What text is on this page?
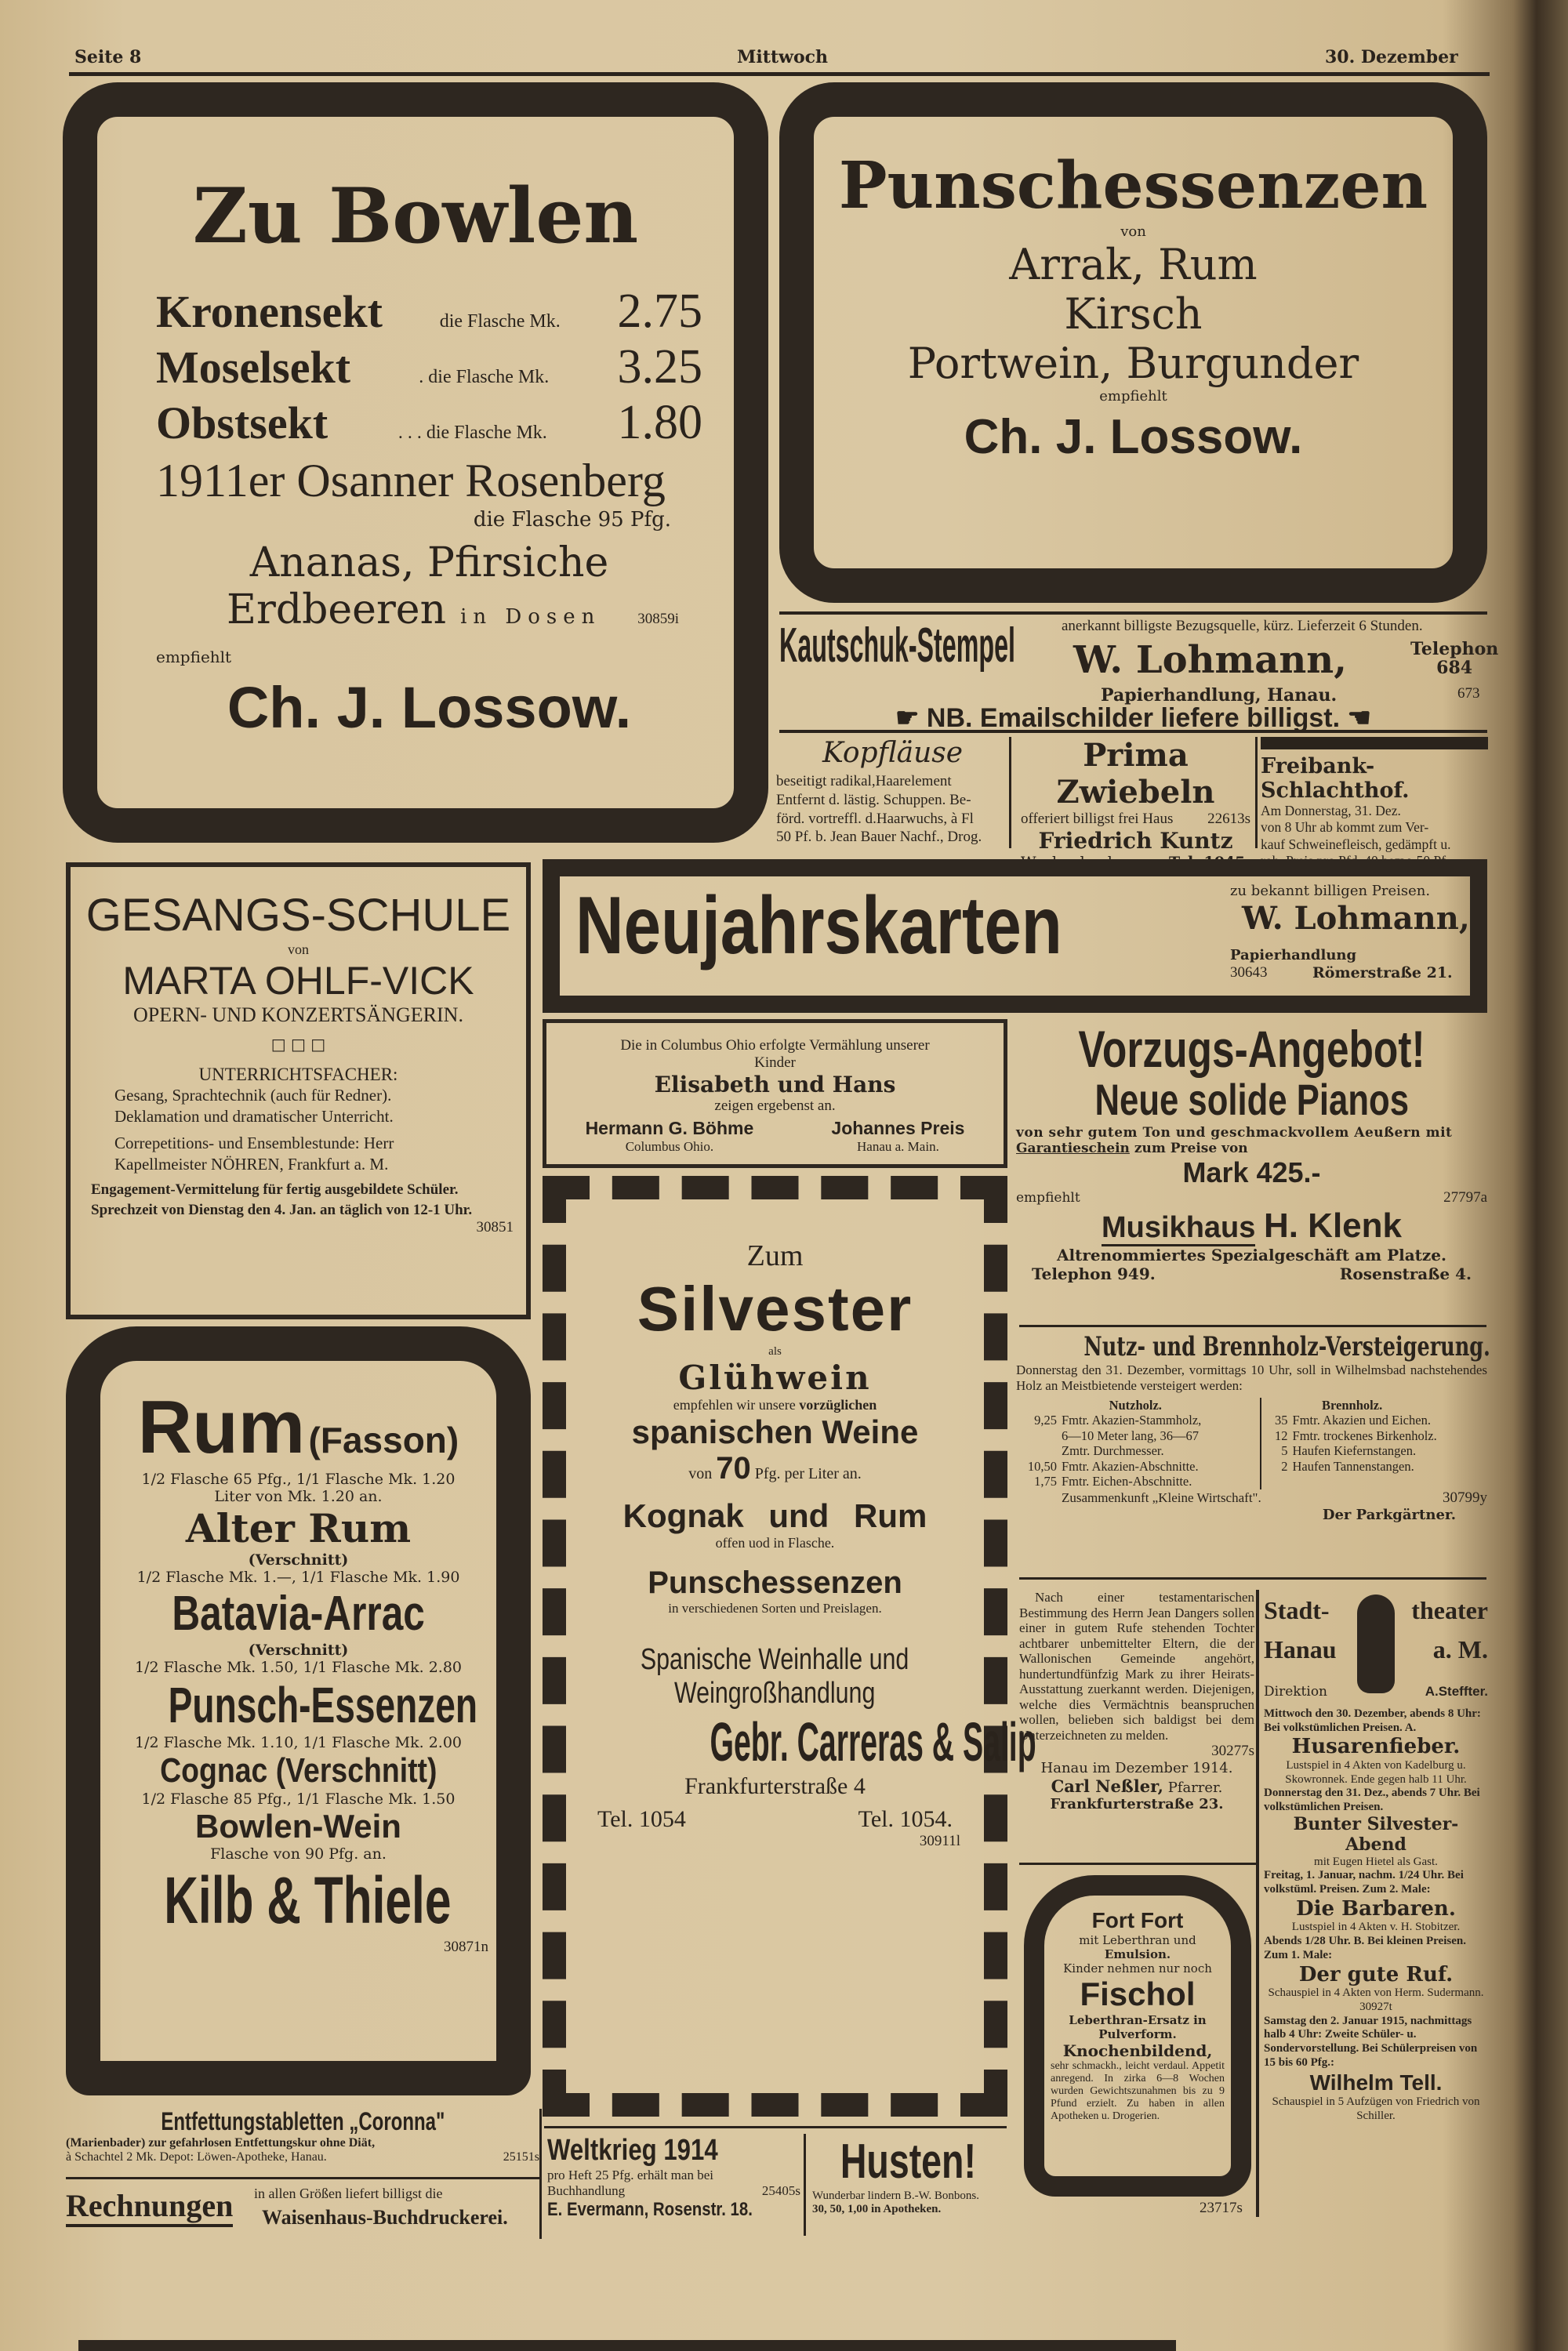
Seite 8	Mittwoch	30. Dezember
Zu Bowlen
Kronensekt	die Flasche Mk. 2.75
Moselsekt	. die Flasche Mk. 3.25
Obstsekt	. . . die Flasche Mk. 1.80
1911er Osanner Rosenberg
die Flasche 95 Pfg.
Ananas, Pfirsiche
Erdbeeren in Dosen 30859i
empfiehlt
Ch. J. Lossow.
Punschessenzen
von
Arrak, Rum
Kirsch
Portwein, Burgunder
empfiehlt
Ch. J. Lossow.
Kautschuk-Stempel	anerkannt billigste Bezugsquelle, kürz. Lieferzeit 6 Stunden.
W. Lohmann,	Telephon
684
Papierhandlung, Hanau.	673
☛ NB. Emailschilder liefere billigst. ☚
Kopfläuse
beseitigt radikal,Haarelement
Entfernt d. lästig. Schuppen. Be-
förd. vortreffl. d.Haarwuchs, à Fl
50 Pf. b. Jean Bauer Nachf., Drog.
Prima Zwiebeln
offeriert billigst frei Haus 22613s
Friedrich Kuntz
Wachenbuchen Tel. 1045.
Freibank-Schlachthof.
Am Donnerstag, 31. Dez.
von 8 Uhr ab kommt zum Ver-
kauf Schweinefleisch, gedämpft u.
roh. Preis pro Pfd. 40 bezw. 50 Pf.
GESANGS-SCHULE
von
MARTA OHLF-VICK
OPERN- UND KONZERTSÄNGERIN.
□ □ □
UNTERRICHTSFACHER:
Gesang, Sprachtechnik (auch für Redner).
Deklamation und dramatischer Unterricht.
Correpetitions- und Ensemblestunde: Herr
Kapellmeister NÖHREN, Frankfurt a. M.
Engagement-Vermittelung für fertig ausgebildete Schüler.
Sprechzeit von Dienstag den 4. Jan. an täglich von 12-1 Uhr.
30851
Neujahrskarten	zu bekannt billigen Preisen.
W. Lohmann,
Papierhandlung
30643	Römerstraße 21.
Die in Columbus Ohio erfolgte Vermählung unserer
Kinder
Elisabeth und Hans
zeigen ergebenst an.
Hermann G. Böhme
Columbus Ohio.
Johannes Preis
Hanau a. Main.
Zum
Silvester
als
Glühwein
empfehlen wir unsere vorzüglichen
spanischen Weine
von 70 Pfg. per Liter an.
Kognak und Rum
offen uod in Flasche.
Punschessenzen
in verschiedenen Sorten und Preislagen.
Spanische Weinhalle und
Weingroßhandlung
Gebr. Carreras & Salip
Frankfurterstraße 4
Tel. 1054	Tel. 1054.
30911l
Vorzugs-Angebot!
Neue solide Pianos
von sehr gutem Ton und geschmackvollem Aeußern mit
Garantieschein zum Preise von
Mark 425.-
empfiehlt	27797a
Musikhaus H. Klenk
Altrenommiertes Spezialgeschäft am Platze.
Telephon 949.	Rosenstraße 4.
Nutz- und Brennholz-Versteigerung.
Donnerstag den 31. Dezember, vormittags 10 Uhr, soll in Wilhelmsbad nachstehendes Holz an Meistbietende versteigert werden:
Nutzholz.
9,25 Fmtr. Akazien-Stammholz,
6—10 Meter lang, 36—67
Zmtr. Durchmesser.
10,50 Fmtr. Akazien-Abschnitte.
1,75 Fmtr. Eichen-Abschnitte.
Brennholz.
35 Fmtr. Akazien und Eichen.
12 Fmtr. trockenes Birkenholz.
5 Haufen Kiefernstangen.
2 Haufen Tannenstangen.
Zusammenkunft „Kleine Wirtschaft".	30799y
Der Parkgärtner.
Nach einer testamentarischen Bestimmung des Herrn Jean Dangers sollen einer in gutem Rufe stehenden Tochter achtbarer unbemittelter Eltern, die der Wallonischen Gemeinde angehört, hundertundfünfzig Mark zu ihrer Heirats-Ausstattung zuerkannt werden. Diejenigen, welche dies Vermächtnis beanspruchen wollen, belieben sich baldigst bei dem Unterzeichneten zu melden.
30277s
Hanau im Dezember 1914.
Carl Neßler, Pfarrer.
Frankfurterstraße 23.
Fort Fort
mit Leberthran und
Emulsion.
Kinder nehmen nur noch
Fischol
Leberthran-Ersatz in
Pulverform.
Knochenbildend,
sehr schmackh., leicht verdaul. Appetit anregend. In zirka 6—8 Wochen wurden Gewichtszunahmen bis zu 9 Pfund erzielt. Zu haben in allen Apotheken u. Drogerien.
23717s
Stadt-	theater
Hanau	a. M.
Direktion	A.Steffter.
Mittwoch den 30. Dezember, abends 8 Uhr: Bei volkstümlichen Preisen. A.
Husarenfieber.
Lustspiel in 4 Akten von Kadelburg u. Skowronnek. Ende gegen halb 11 Uhr.
Donnerstag den 31. Dez., abends 7 Uhr. Bei volkstümlichen Preisen.
Bunter Silvester-Abend
mit Eugen Hietel als Gast.
Freitag, 1. Januar, nachm. 1/24 Uhr. Bei volkstüml. Preisen. Zum 2. Male:
Die Barbaren.
Lustspiel in 4 Akten v. H. Stobitzer.
Abends 1/28 Uhr. B. Bei kleinen Preisen. Zum 1. Male:
Der gute Ruf.
Schauspiel in 4 Akten von Herm. Sudermann. 30927t
Samstag den 2. Januar 1915, nachmittags halb 4 Uhr: Zweite Schüler- u. Sondervorstellung. Bei Schülerpreisen von 15 bis 60 Pfg.:
Wilhelm Tell.
Schauspiel in 5 Aufzügen von Friedrich von Schiller.
Rum (Fasson)
1/2 Flasche 65 Pfg., 1/1 Flasche Mk. 1.20
Liter von Mk. 1.20 an.
Alter Rum
(Verschnitt)
1/2 Flasche Mk. 1.—, 1/1 Flasche Mk. 1.90
Batavia-Arrac
(Verschnitt)
1/2 Flasche Mk. 1.50, 1/1 Flasche Mk. 2.80
Punsch-Essenzen
1/2 Flasche Mk. 1.10, 1/1 Flasche Mk. 2.00
Cognac (Verschnitt)
1/2 Flasche 85 Pfg., 1/1 Flasche Mk. 1.50
Bowlen-Wein
Flasche von 90 Pfg. an.
Kilb & Thiele
30871n
Entfettungstabletten „Coronna"
(Marienbader) zur gefahrlosen Entfettungskur ohne Diät,
à Schachtel 2 Mk. Depot: Löwen-Apotheke, Hanau.	25151s
Rechnungen in allen Größen liefert billigst die
Waisenhaus-Buchdruckerei.
Weltkrieg 1914
pro Heft 25 Pfg. erhält man bei
Buchhandlung	25405s
E. Evermann, Rosenstr. 18.
Husten!
Wunderbar lindern B.-W. Bonbons.
30, 50, 1,00 in Apotheken.
